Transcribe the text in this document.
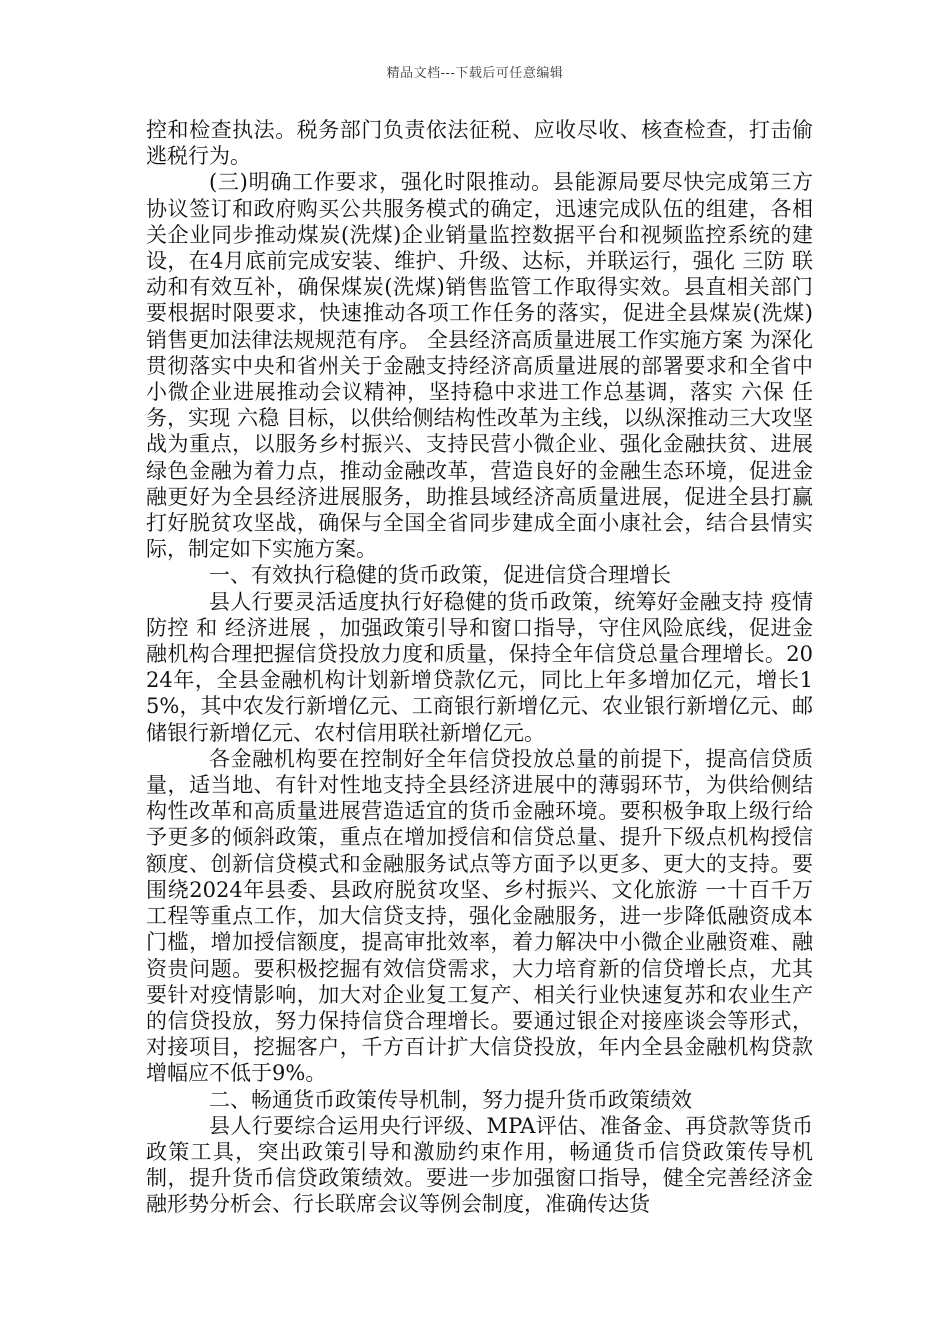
精品文档---下载后可任意编辑

控和检查执法。税务部门负责依法征税、应收尽收、核查检查，打击偷逃税行为。

(三)明确工作要求，强化时限推动。县能源局要尽快完成第三方协议签订和政府购买公共服务模式的确定，迅速完成队伍的组建，各相关企业同步推动煤炭(洗煤)企业销量监控数据平台和视频监控系统的建设，在4月底前完成安装、维护、升级、达标，并联运行，强化 三防 联动和有效互补，确保煤炭(洗煤)销售监管工作取得实效。县直相关部门要根据时限要求，快速推动各项工作任务的落实，促进全县煤炭(洗煤)销售更加法律法规规范有序。 全县经济高质量进展工作实施方案 为深化贯彻落实中央和省州关于金融支持经济高质量进展的部署要求和全省中小微企业进展推动会议精神，坚持稳中求进工作总基调，落实 六保 任务，实现 六稳 目标，以供给侧结构性改革为主线，以纵深推动三大攻坚战为重点，以服务乡村振兴、支持民营小微企业、强化金融扶贫、进展绿色金融为着力点，推动金融改革，营造良好的金融生态环境，促进金融更好为全县经济进展服务，助推县域经济高质量进展，促进全县打赢打好脱贫攻坚战，确保与全国全省同步建成全面小康社会，结合县情实际，制定如下实施方案。

一、有效执行稳健的货币政策，促进信贷合理增长

县人行要灵活适度执行好稳健的货币政策，统筹好金融支持 疫情防控 和 经济进展 ，加强政策引导和窗口指导，守住风险底线，促进金融机构合理把握信贷投放力度和质量，保持全年信贷总量合理增长。2024年，全县金融机构计划新增贷款亿元，同比上年多增加亿元，增长15%，其中农发行新增亿元、工商银行新增亿元、农业银行新增亿元、邮储银行新增亿元、农村信用联社新增亿元。

各金融机构要在控制好全年信贷投放总量的前提下，提高信贷质量，适当地、有针对性地支持全县经济进展中的薄弱环节，为供给侧结构性改革和高质量进展营造适宜的货币金融环境。要积极争取上级行给予更多的倾斜政策，重点在增加授信和信贷总量、提升下级点机构授信额度、创新信贷模式和金融服务试点等方面予以更多、更大的支持。要围绕2024年县委、县政府脱贫攻坚、乡村振兴、文化旅游 一十百千万 工程等重点工作，加大信贷支持，强化金融服务，进一步降低融资成本门槛，增加授信额度，提高审批效率，着力解决中小微企业融资难、融资贵问题。要积极挖掘有效信贷需求，大力培育新的信贷增长点，尤其要针对疫情影响，加大对企业复工复产、相关行业快速复苏和农业生产的信贷投放，努力保持信贷合理增长。要通过银企对接座谈会等形式，对接项目，挖掘客户，千方百计扩大信贷投放，年内全县金融机构贷款增幅应不低于9%。

二、畅通货币政策传导机制，努力提升货币政策绩效

县人行要综合运用央行评级、MPA评估、准备金、再贷款等货币政策工具，突出政策引导和激励约束作用，畅通货币信贷政策传导机制，提升货币信贷政策绩效。要进一步加强窗口指导，健全完善经济金融形势分析会、行长联席会议等例会制度，准确传达货
